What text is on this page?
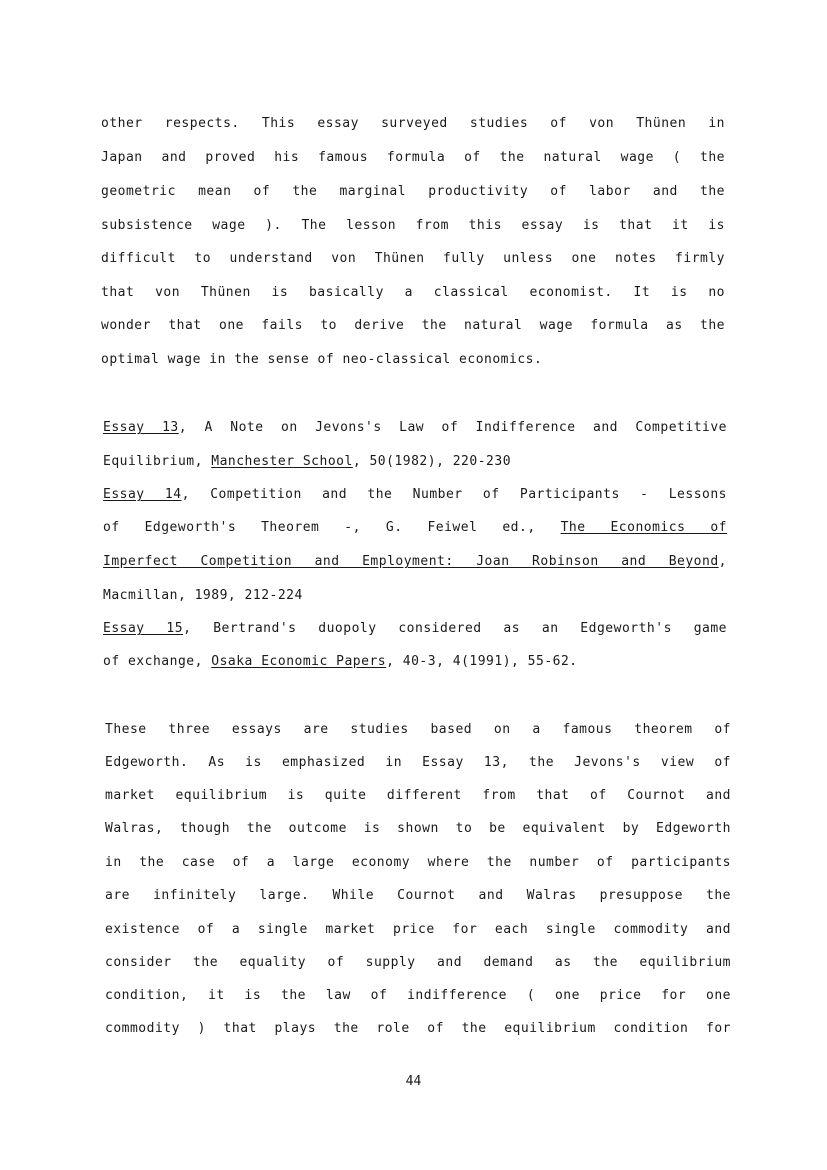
other respects. This essay surveyed studies of von Thünen in
Japan and proved his famous formula of the natural wage ( the
geometric mean of the marginal productivity of labor and the
subsistence wage ). The lesson from this essay is that it is
difficult to understand von Thünen fully unless one notes firmly
that von Thünen is basically a classical economist. It is no
wonder that one fails to derive the natural wage formula as the
optimal wage in the sense of neo-classical economics.
Essay 13, A Note on Jevons's Law of Indifference and Competitive
Equilibrium, Manchester School, 50(1982), 220-230
Essay 14, Competition and the Number of Participants - Lessons
of Edgeworth's Theorem -, G. Feiwel ed., The Economics of
Imperfect Competition and Employment: Joan Robinson and Beyond,
Macmillan, 1989, 212-224
Essay 15, Bertrand's duopoly considered as an Edgeworth's game
of exchange, Osaka Economic Papers, 40-3, 4(1991), 55-62.
These three essays are studies based on a famous theorem of
Edgeworth. As is emphasized in Essay 13, the Jevons's view of
market equilibrium is quite different from that of Cournot and
Walras, though the outcome is shown to be equivalent by Edgeworth
in the case of a large economy where the number of participants
are infinitely large. While Cournot and Walras presuppose the
existence of a single market price for each single commodity and
consider the equality of supply and demand as the equilibrium
condition, it is the law of indifference ( one price for one
commodity ) that plays the role of the equilibrium condition for
44
